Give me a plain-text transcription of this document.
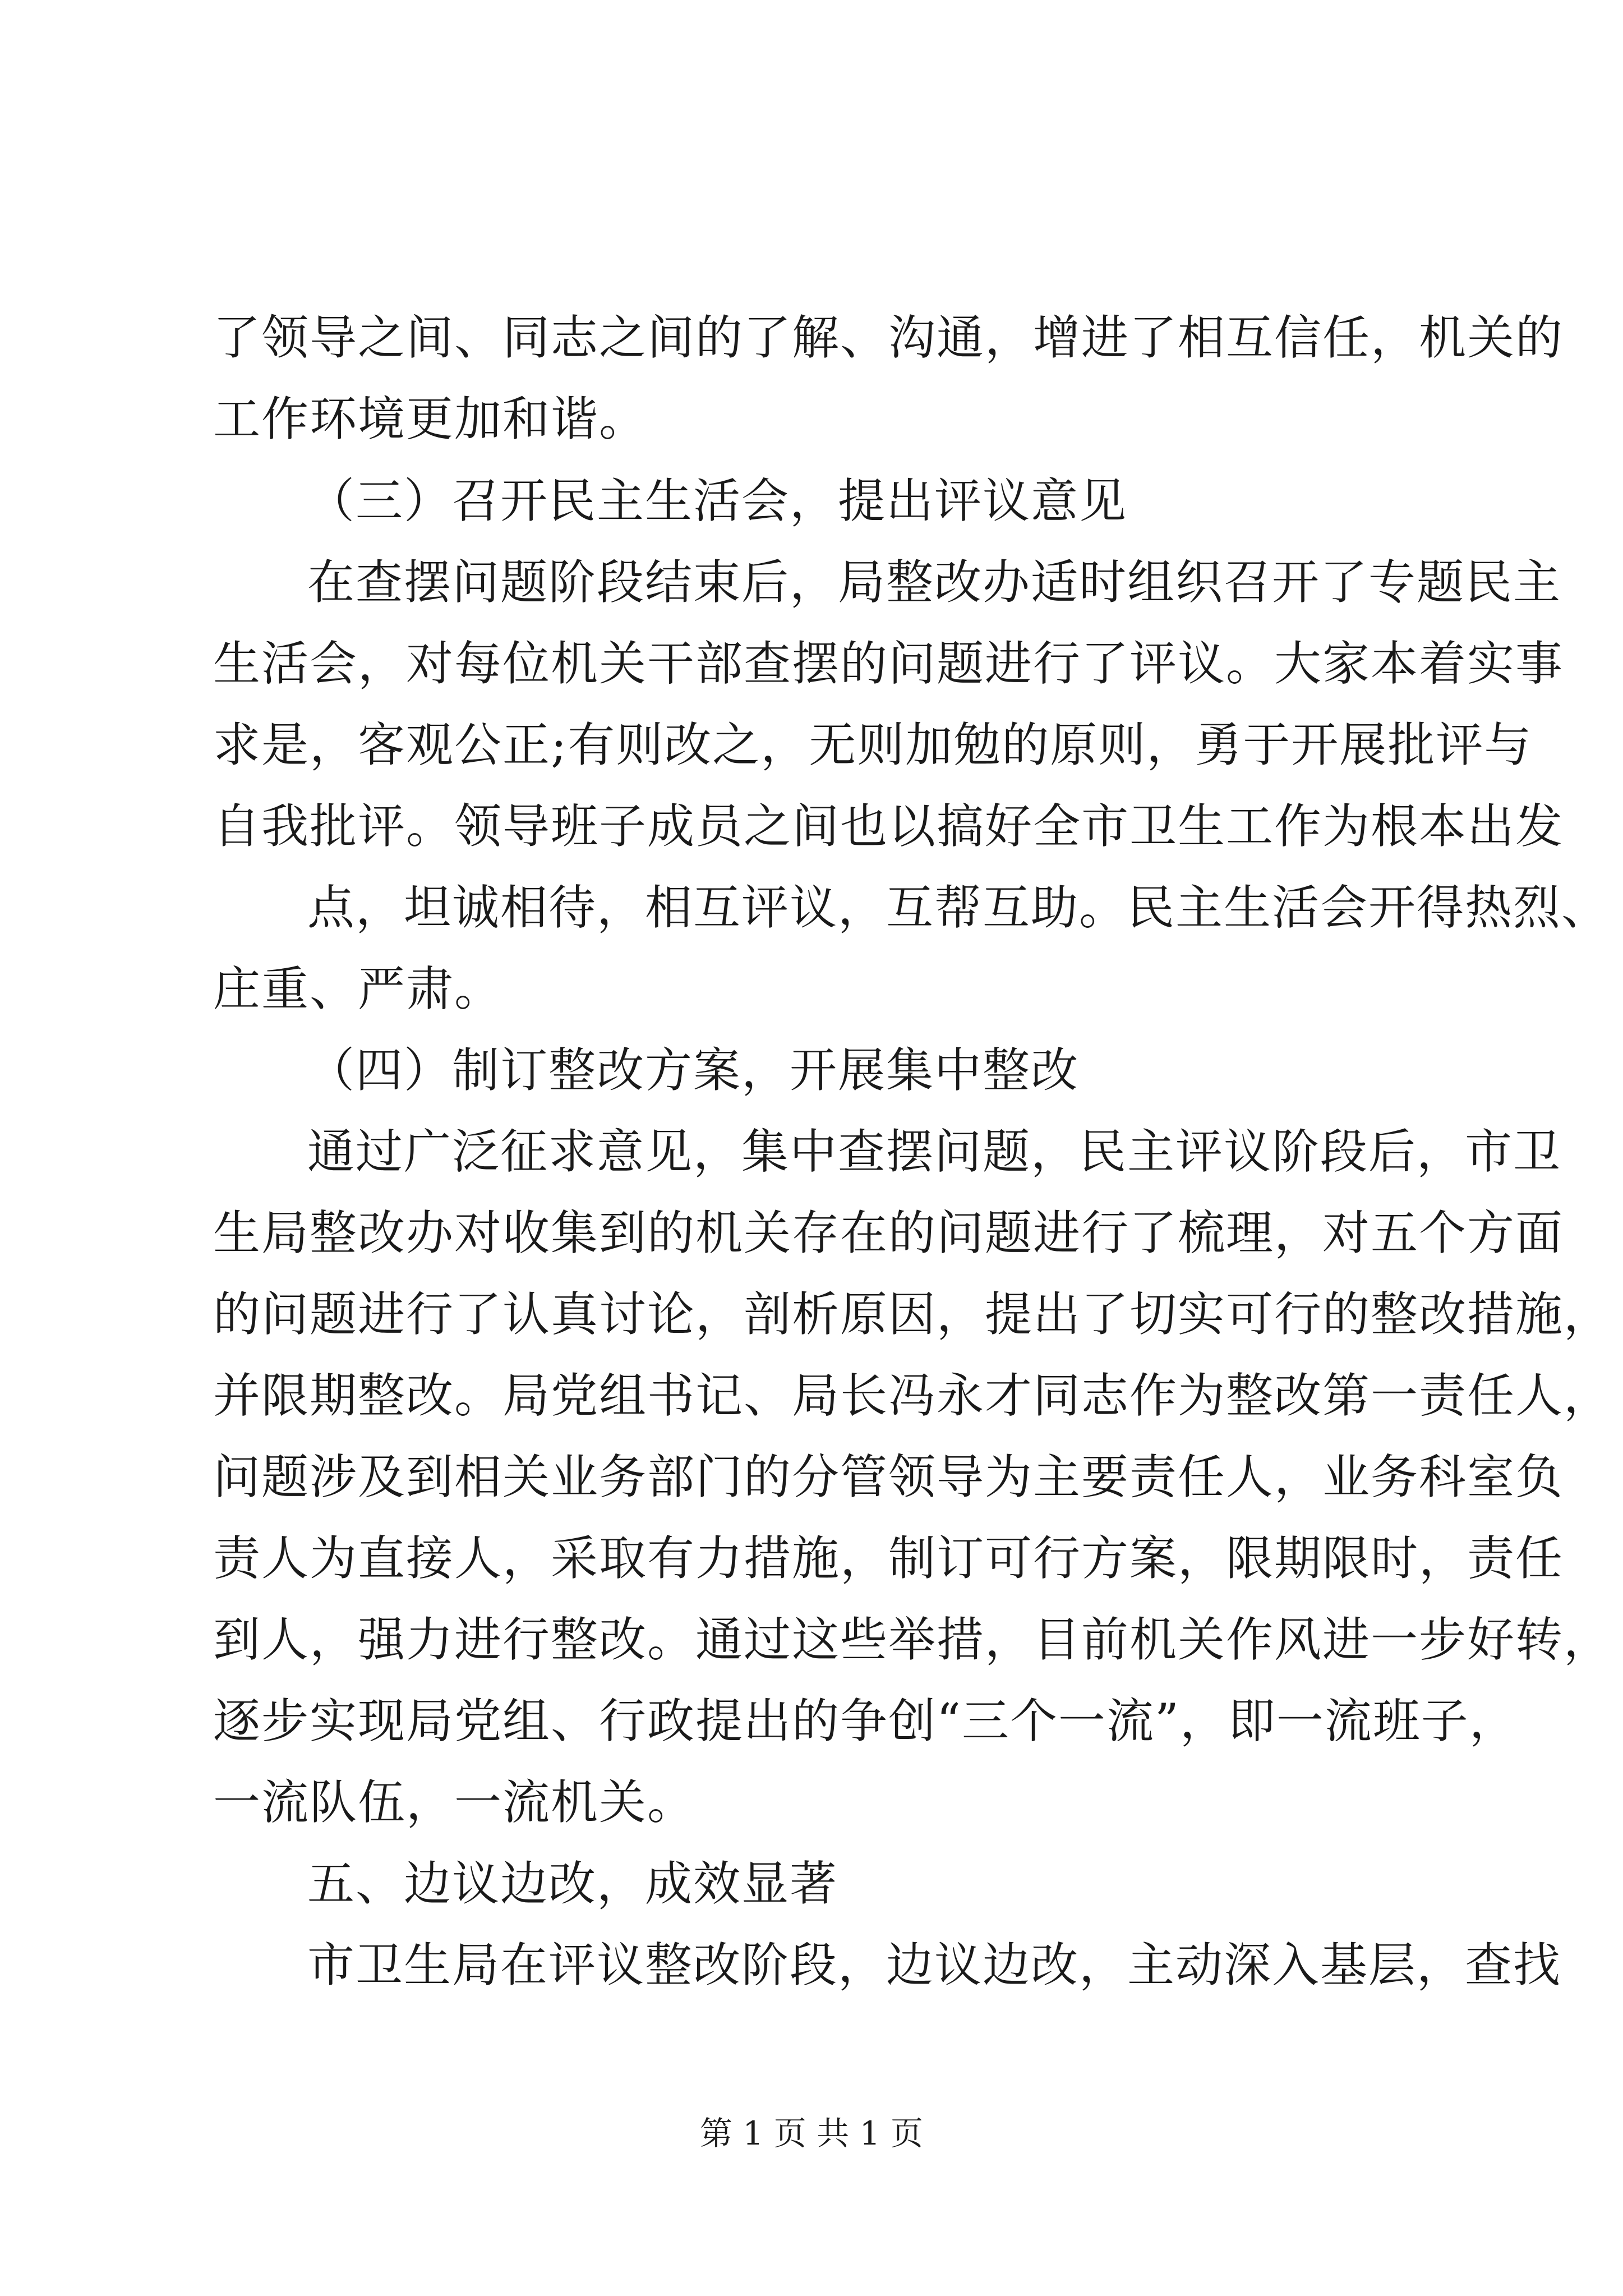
了领导之间、同志之间的了解、沟通，增进了相互信任，机关的
工作环境更加和谐。
（三）召开民主生活会，提出评议意见
在查摆问题阶段结束后，局整改办适时组织召开了专题民主
生活会，对每位机关干部查摆的问题进行了评议。大家本着实事
求是，客观公正;有则改之，无则加勉的原则，勇于开展批评与
自我批评。领导班子成员之间也以搞好全市卫生工作为根本出发
点，坦诚相待，相互评议，互帮互助。民主生活会开得热烈、
庄重、严肃。
（四）制订整改方案，开展集中整改
通过广泛征求意见，集中查摆问题，民主评议阶段后，市卫
生局整改办对收集到的机关存在的问题进行了梳理，对五个方面
的问题进行了认真讨论，剖析原因，提出了切实可行的整改措施，
并限期整改。局党组书记、局长冯永才同志作为整改第一责任人，
问题涉及到相关业务部门的分管领导为主要责任人，业务科室负
责人为直接人，采取有力措施，制订可行方案，限期限时，责任
到人，强力进行整改。通过这些举措，目前机关作风进一步好转，
逐步实现局党组、行政提出的争创“三个一流”，即一流班子，
一流队伍，一流机关。
五、边议边改，成效显著
市卫生局在评议整改阶段，边议边改，主动深入基层，查找
第 1 页 共 1 页
